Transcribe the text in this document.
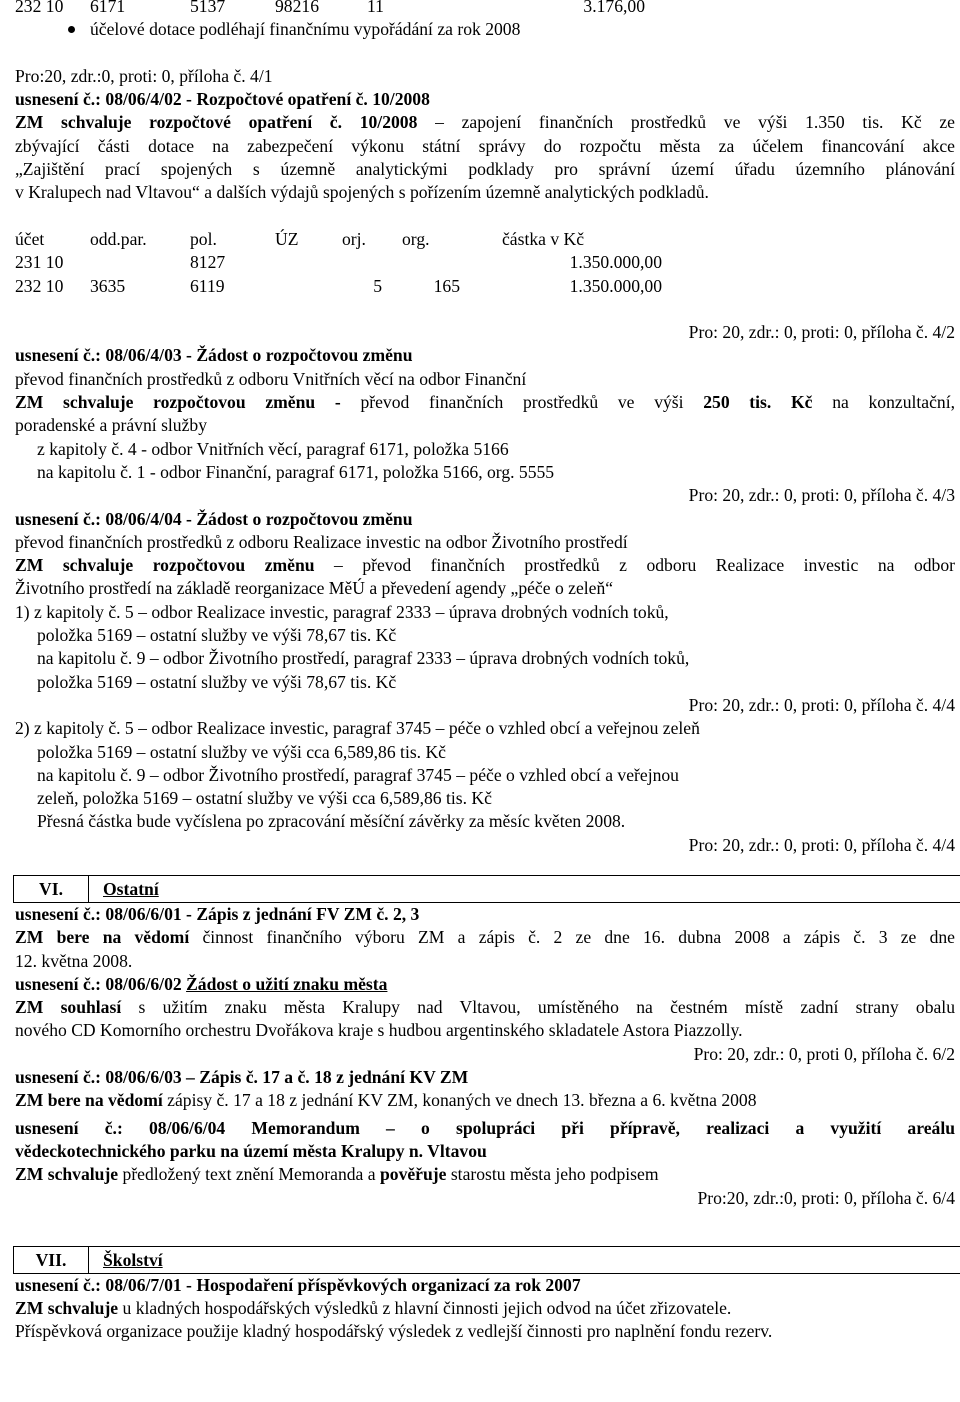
232 10	6171	5137	98216	11	3.176,00
účelové dotace podléhají finančnímu vypořádání za rok 2008
Pro:20, zdr.:0, proti: 0, příloha č. 4/1
usnesení č.: 08/06/4/02 - Rozpočtové opatření č. 10/2008
ZM schvaluje rozpočtové opatření č. 10/2008 – zapojení finančních prostředků ve výši 1.350 tis. Kč ze
zbývající části dotace na zabezpečení výkonu státní správy do rozpočtu města za účelem financování akce
„Zajištění prací spojených s územně analytickými podklady pro správní území úřadu územního plánování
v Kralupech nad Vltavou“ a dalších výdajů spojených s pořízením územně analytických podkladů.
účet	odd.par.	pol.	ÚZ	orj.	org.	částka v Kč
231 10		8127				1.350.000,00
232 10	3635	6119		5	165	1.350.000,00
Pro: 20, zdr.: 0, proti: 0, příloha č. 4/2
usnesení č.: 08/06/4/03 - Žádost o rozpočtovou změnu
převod finančních prostředků z odboru Vnitřních věcí na odbor Finanční
ZM schvaluje rozpočtovou změnu - převod finančních prostředků ve výši 250 tis. Kč na konzultační,
poradenské a právní služby
z kapitoly č. 4 - odbor Vnitřních věcí, paragraf 6171, položka 5166
na kapitolu č. 1 - odbor Finanční, paragraf 6171, položka 5166, org. 5555
Pro: 20, zdr.: 0, proti: 0, příloha č. 4/3
usnesení č.: 08/06/4/04 - Žádost o rozpočtovou změnu
převod finančních prostředků z odboru Realizace investic na odbor Životního prostředí
ZM schvaluje rozpočtovou změnu – převod finančních prostředků z odboru Realizace investic na odbor
Životního prostředí na základě reorganizace MěÚ a převedení agendy „péče o zeleň“
1) z kapitoly č. 5 – odbor Realizace investic, paragraf 2333 – úprava drobných vodních toků,
položka 5169 – ostatní služby ve výši 78,67 tis. Kč
na kapitolu č. 9 – odbor Životního prostředí, paragraf 2333 – úprava drobných vodních toků,
položka 5169 – ostatní služby ve výši 78,67 tis. Kč
Pro: 20, zdr.: 0, proti: 0, příloha č. 4/4
2) z kapitoly č. 5 – odbor Realizace investic, paragraf 3745 – péče o vzhled obcí a veřejnou zeleň
položka 5169 – ostatní služby ve výši cca 6,589,86 tis. Kč
na kapitolu č. 9 – odbor Životního prostředí, paragraf 3745 – péče o vzhled obcí a veřejnou
zeleň, položka 5169 – ostatní služby ve výši cca 6,589,86 tis. Kč
Přesná částka bude vyčíslena po zpracování měsíční závěrky za měsíc květen 2008.
Pro: 20, zdr.: 0, proti: 0, příloha č. 4/4
VI.	Ostatní
usnesení č.: 08/06/6/01 - Zápis z jednání FV ZM č. 2, 3
ZM bere na vědomí činnost finančního výboru ZM a zápis č. 2 ze dne 16. dubna 2008 a zápis č. 3 ze dne
12. května 2008.
usnesení č.: 08/06/6/02 Žádost o užití znaku města
ZM souhlasí s užitím znaku města Kralupy nad Vltavou, umístěného na čestném místě zadní strany obalu
nového CD Komorního orchestru Dvořákova kraje s hudbou argentinského skladatele Astora Piazzolly.
Pro: 20, zdr.: 0, proti 0, příloha č. 6/2
usnesení č.: 08/06/6/03 – Zápis č. 17 a č. 18 z jednání KV ZM
ZM bere na vědomí zápisy č. 17 a 18 z jednání KV ZM, konaných ve dnech 13. března a 6. května 2008
usnesení č.: 08/06/6/04 Memorandum – o spolupráci při přípravě, realizaci a využití areálu
vědeckotechnického parku na území města Kralupy n. Vltavou
ZM schvaluje předložený text znění Memoranda a pověřuje starostu města jeho podpisem
Pro:20, zdr.:0, proti: 0, příloha č. 6/4
VII.	Školství
usnesení č.: 08/06/7/01 - Hospodaření příspěvkových organizací za rok 2007
ZM schvaluje u kladných hospodářských výsledků z hlavní činnosti jejich odvod na účet zřizovatele.
Příspěvková organizace použije kladný hospodářský výsledek z vedlejší činnosti pro naplnění fondu rezerv.
